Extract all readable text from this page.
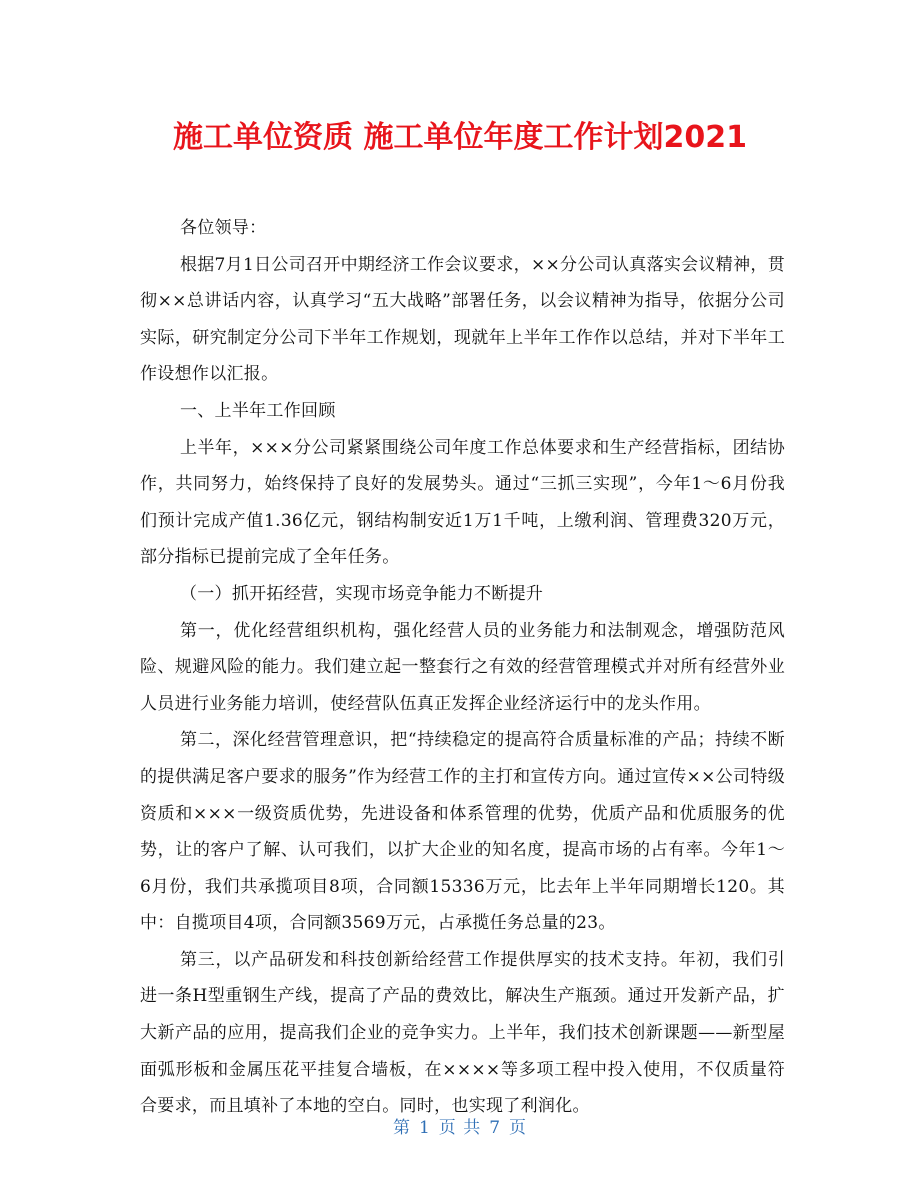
施工单位资质 施工单位年度工作计划2021

各位领导：

根据7月1日公司召开中期经济工作会议要求，××分公司认真落实会议精神，贯彻××总讲话内容，认真学习“五大战略”部署任务，以会议精神为指导，依据分公司实际，研究制定分公司下半年工作规划，现就年上半年工作作以总结，并对下半年工作设想作以汇报。

一、上半年工作回顾

上半年，×××分公司紧紧围绕公司年度工作总体要求和生产经营指标，团结协作，共同努力，始终保持了良好的发展势头。通过“三抓三实现”，今年1～6月份我们预计完成产值1.36亿元，钢结构制安近1万1千吨，上缴利润、管理费320万元，部分指标已提前完成了全年任务。

（一）抓开拓经营，实现市场竞争能力不断提升

第一，优化经营组织机构，强化经营人员的业务能力和法制观念，增强防范风险、规避风险的能力。我们建立起一整套行之有效的经营管理模式并对所有经营外业人员进行业务能力培训，使经营队伍真正发挥企业经济运行中的龙头作用。

第二，深化经营管理意识，把“持续稳定的提高符合质量标准的产品；持续不断的提供满足客户要求的服务”作为经营工作的主打和宣传方向。通过宣传××公司特级资质和×××一级资质优势，先进设备和体系管理的优势，优质产品和优质服务的优势，让的客户了解、认可我们，以扩大企业的知名度，提高市场的占有率。今年1～6月份，我们共承揽项目8项，合同额15336万元，比去年上半年同期增长120。其中：自揽项目4项，合同额3569万元，占承揽任务总量的23。

第三，以产品研发和科技创新给经营工作提供厚实的技术支持。年初，我们引进一条H型重钢生产线，提高了产品的费效比，解决生产瓶颈。通过开发新产品，扩大新产品的应用，提高我们企业的竞争实力。上半年，我们技术创新课题——新型屋面弧形板和金属压花平挂复合墙板，在××××等多项工程中投入使用，不仅质量符合要求，而且填补了本地的空白。同时，也实现了利润化。

第 1 页 共 7 页
